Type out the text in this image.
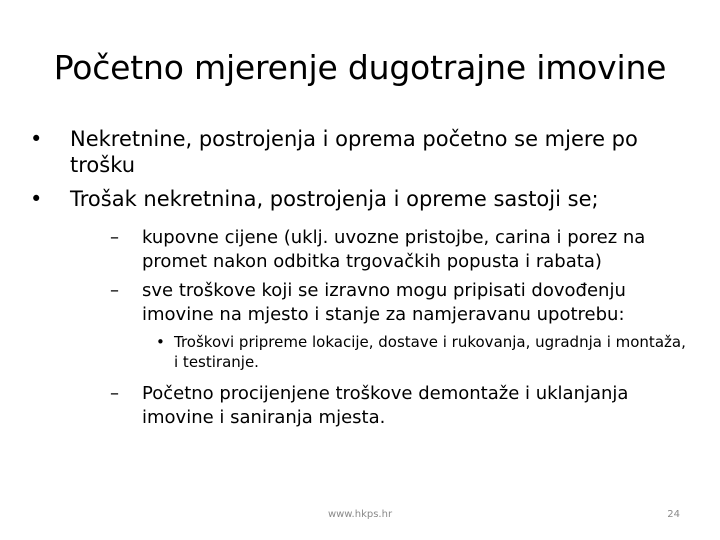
Početno mjerenje dugotrajne imovine
•	Nekretnine, postrojenja i oprema početno se mjere po trošku
•	Trošak nekretnina, postrojenja i opreme sastoji se;
–	kupovne cijene (uklj. uvozne pristojbe, carina i porez na promet nakon odbitka trgovačkih popusta i rabata)
–	sve troškove koji se izravno mogu pripisati dovođenju imovine na mjesto i stanje za namjeravanu upotrebu:
• Troškovi pripreme lokacije, dostave i rukovanja, ugradnja i montaža, i testiranje.
–	Početno procijenjene troškove demontaže i uklanjanja imovine i saniranja mjesta.
www.hkps.hr	24
